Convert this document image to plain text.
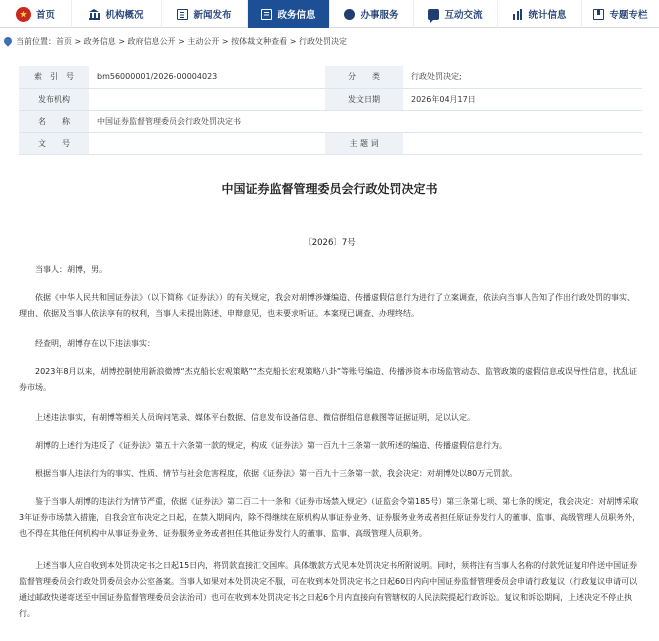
首页	机构概况	新闻发布	政务信息	办事服务	互动交流	统计信息	专题专栏
当前位置： 首页 > 政务信息 > 政府信息公开 > 主动公开 > 按体裁文种查看 > 行政处罚决定
索　引　号	bm56000001/2026-00004023	分　　类	行政处罚决定;
发布机构		发文日期	2026年04月17日
名　　称	中国证券监督管理委员会行政处罚决定书		
文　　号		主 题 词	
中国证券监督管理委员会行政处罚决定书
〔2026〕7号
当事人：胡博，男。
依据《中华人民共和国证券法》（以下简称《证券法》）的有关规定，我会对胡博涉嫌编造、传播虚假信息行为进行了立案调查，依法向当事人告知了作出行政处罚的事实、理由、依据及当事人依法享有的权利，当事人未提出陈述、申辩意见，也未要求听证。本案现已调查、办理终结。
经查明，胡博存在以下违法事实：
2023年8月以来，胡博控制使用新浪微博“杰克船长宏观策略”“杰克船长宏观策略八卦”等账号编造、传播涉资本市场监管动态、监管政策的虚假信息或误导性信息，扰乱证券市场。
上述违法事实，有胡博等相关人员询问笔录、媒体平台数据、信息发布设备信息、微信群组信息截图等证据证明，足以认定。
胡博的上述行为违反了《证券法》第五十六条第一款的规定，构成《证券法》第一百九十三条第一款所述的编造、传播虚假信息行为。
根据当事人违法行为的事实、性质、情节与社会危害程度，依据《证券法》第一百九十三条第一款，我会决定：对胡博处以80万元罚款。
鉴于当事人胡博的违法行为情节严重，依据《证券法》第二百二十一条和《证券市场禁入规定》（证监会令第185号）第三条第七项、第七条的规定，我会决定：对胡博采取3年证券市场禁入措施，自我会宣布决定之日起，在禁入期间内，除不得继续在原机构从事证券业务、证券服务业务或者担任原证券发行人的董事、监事、高级管理人员职务外，也不得在其他任何机构中从事证券业务、证券服务业务或者担任其他证券发行人的董事、监事、高级管理人员职务。
上述当事人应自收到本处罚决定书之日起15日内，将罚款直接汇交国库。具体缴款方式见本处罚决定书所附说明。同时，须将注有当事人名称的付款凭证复印件送中国证券监督管理委员会行政处罚委员会办公室备案。当事人如果对本处罚决定不服，可在收到本处罚决定书之日起60日内向中国证券监督管理委员会申请行政复议（行政复议申请可以通过邮政快递寄送至中国证券监督管理委员会法治司）也可在收到本处罚决定书之日起6个月内直接向有管辖权的人民法院提起行政诉讼。复议和诉讼期间，上述决定不停止执行。
